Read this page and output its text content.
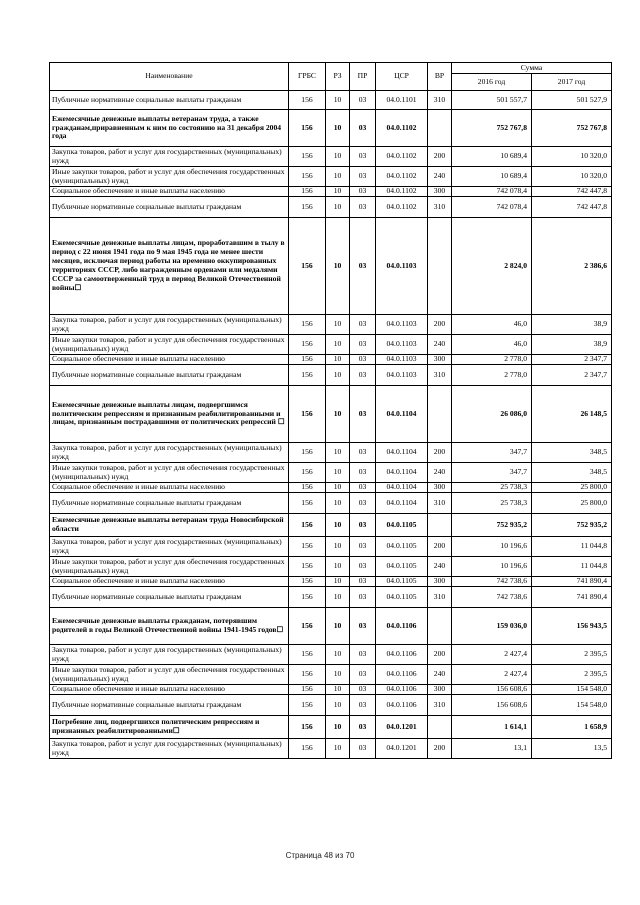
Наименование	ГРБС	РЗ	ПР	ЦСР	ВР	Сумма	
						2016 год	2017 год
Публичные нормативные социальные выплаты гражданам	156	10	03	04.0.1101	310	501 557,7	501 527,9
Ежемесячные денежные выплаты ветеранам труда, а также гражданам,приравненным к ним по состоянию на 31 декабря 2004 года	156	10	03	04.0.1102		752 767,8	752 767,8
Закупка товаров, работ и услуг для государственных (муниципальных) нужд	156	10	03	04.0.1102	200	10 689,4	10 320,0
Иные закупки товаров, работ и услуг для обеспечения государственных (муниципальных) нужд	156	10	03	04.0.1102	240	10 689,4	10 320,0
Социальное обеспечение и иные выплаты населению	156	10	03	04.0.1102	300	742 078,4	742 447,8
Публичные нормативные социальные выплаты гражданам	156	10	03	04.0.1102	310	742 078,4	742 447,8
Ежемесячные денежные выплаты лицам, проработавшим в тылу в период с 22 июня 1941 года по 9 мая 1945 года не менее шести месяцев, исключая период работы на временно оккупированных территориях СССР, либо награжденным орденами или медалями СССР за самоотверженный труд в период Великой Отечественной войны☐	156	10	03	04.0.1103		2 824,0	2 386,6
Закупка товаров, работ и услуг для государственных (муниципальных) нужд	156	10	03	04.0.1103	200	46,0	38,9
Иные закупки товаров, работ и услуг для обеспечения государственных (муниципальных) нужд	156	10	03	04.0.1103	240	46,0	38,9
Социальное обеспечение и иные выплаты населению	156	10	03	04.0.1103	300	2 778,0	2 347,7
Публичные нормативные социальные выплаты гражданам	156	10	03	04.0.1103	310	2 778,0	2 347,7
Ежемесячные денежные выплаты лицам, подвергшимся политическим репрессиям и признанным реабилитированными и лицам, признанным пострадавшими от политических репрессий ☐	156	10	03	04.0.1104		26 086,0	26 148,5
Закупка товаров, работ и услуг для государственных (муниципальных) нужд	156	10	03	04.0.1104	200	347,7	348,5
Иные закупки товаров, работ и услуг для обеспечения государственных (муниципальных) нужд	156	10	03	04.0.1104	240	347,7	348,5
Социальное обеспечение и иные выплаты населению	156	10	03	04.0.1104	300	25 738,3	25 800,0
Публичные нормативные социальные выплаты гражданам	156	10	03	04.0.1104	310	25 738,3	25 800,0
Ежемесячные денежные выплаты ветеранам труда Новосибирской области	156	10	03	04.0.1105		752 935,2	752 935,2
Закупка товаров, работ и услуг для государственных (муниципальных) нужд	156	10	03	04.0.1105	200	10 196,6	11 044,8
Иные закупки товаров, работ и услуг для обеспечения государственных (муниципальных) нужд	156	10	03	04.0.1105	240	10 196,6	11 044,8
Социальное обеспечение и иные выплаты населению	156	10	03	04.0.1105	300	742 738,6	741 890,4
Публичные нормативные социальные выплаты гражданам	156	10	03	04.0.1105	310	742 738,6	741 890,4
Ежемесячные денежные выплаты гражданам, потерявшим родителей в годы Великой Отечественной войны 1941-1945 годов☐	156	10	03	04.0.1106		159 036,0	156 943,5
Закупка товаров, работ и услуг для государственных (муниципальных) нужд	156	10	03	04.0.1106	200	2 427,4	2 395,5
Иные закупки товаров, работ и услуг для обеспечения государственных (муниципальных) нужд	156	10	03	04.0.1106	240	2 427,4	2 395,5
Социальное обеспечение и иные выплаты населению	156	10	03	04.0.1106	300	156 608,6	154 548,0
Публичные нормативные социальные выплаты гражданам	156	10	03	04.0.1106	310	156 608,6	154 548,0
Погребение лиц, подвергшихся политическим репрессиям и признанных реабилитированными☐	156	10	03	04.0.1201		1 614,1	1 658,9
Закупка товаров, работ и услуг для государственных (муниципальных) нужд	156	10	03	04.0.1201	200	13,1	13,5
Страница 48 из 70
